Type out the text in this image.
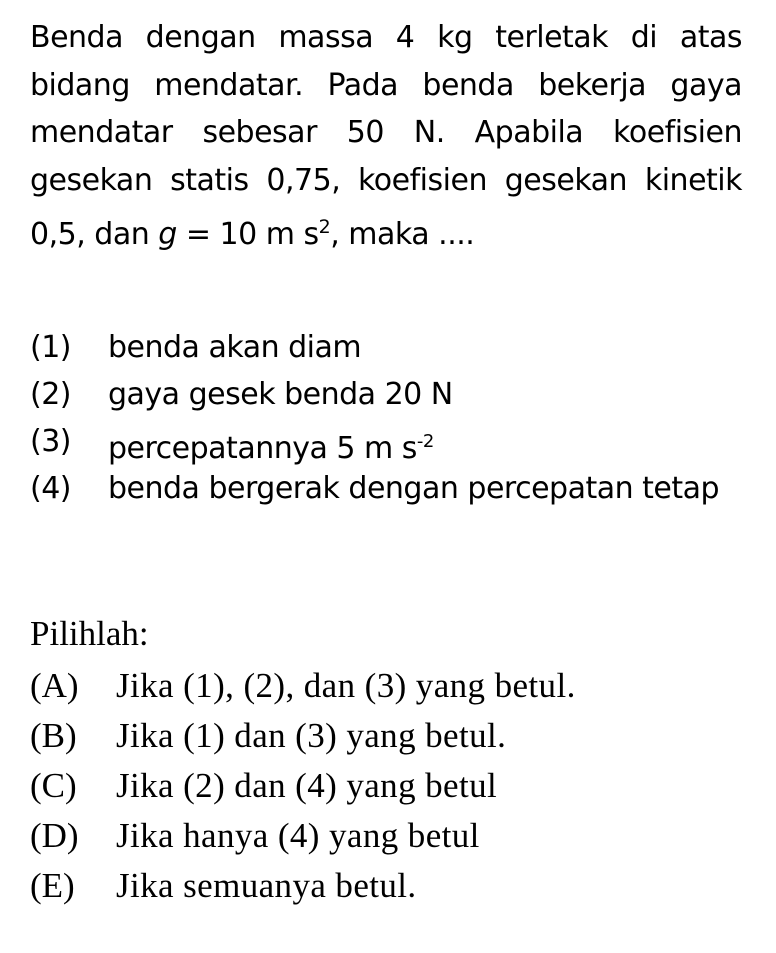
Benda dengan massa 4 kg terletak di atas bidang mendatar. Pada benda bekerja gaya mendatar sebesar 50 N. Apabila koefisien gesekan statis 0,75, koefisien gesekan kinetik 0,5, dan g = 10 m $s^2$, maka ....
(1)	benda akan diam
(2)	gaya gesek benda 20 N
(3)	percepatannya 5 m $s^{-2}$
(4)	benda bergerak dengan percepatan tetap
Pilihlah:
(A)	Jika (1), (2), dan (3) yang betul.
(B)	Jika (1) dan (3) yang betul.
(C)	Jika (2) dan (4) yang betul
(D)	Jika hanya (4) yang betul
(E)	Jika semuanya betul.
